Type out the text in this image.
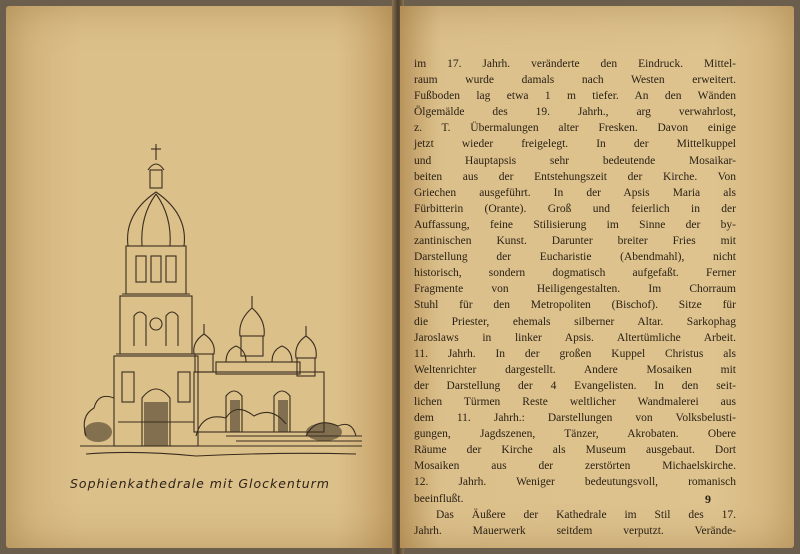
Sophienkathedrale mit Glockenturm
im 17. Jahrh. veränderte den Eindruck. Mittel-
raum wurde damals nach Westen erweitert.
Fußboden lag etwa 1 m tiefer. An den Wänden
Ölgemälde des 19. Jahrh., arg verwahrlost,
z. T. Übermalungen alter Fresken. Davon einige
jetzt wieder freigelegt. In der Mittelkuppel
und Hauptapsis sehr bedeutende Mosaikar-
beiten aus der Entstehungszeit der Kirche. Von
Griechen ausgeführt. In der Apsis Maria als
Fürbitterin (Orante). Groß und feierlich in der
Auffassung, feine Stilisierung im Sinne der by-
zantinischen Kunst. Darunter breiter Fries mit
Darstellung der Eucharistie (Abendmahl), nicht
historisch, sondern dogmatisch aufgefaßt. Ferner
Fragmente von Heiligengestalten. Im Chorraum
Stuhl für den Metropoliten (Bischof). Sitze für
die Priester, ehemals silberner Altar. Sarkophag
Jaroslaws in linker Apsis. Altertümliche Arbeit.
11. Jahrh. In der großen Kuppel Christus als
Weltenrichter dargestellt. Andere Mosaiken mit
der Darstellung der 4 Evangelisten. In den seit-
lichen Türmen Reste weltlicher Wandmalerei aus
dem 11. Jahrh.: Darstellungen von Volksbelusti-
gungen, Jagdszenen, Tänzer, Akrobaten. Obere
Räume der Kirche als Museum ausgebaut. Dort
Mosaiken aus der zerstörten Michaelskirche.
12. Jahrh. Weniger bedeutungsvoll, romanisch
beeinflußt.
Das Äußere der Kathedrale im Stil des 17.
Jahrh. Mauerwerk seitdem verputzt. Verände-
9
